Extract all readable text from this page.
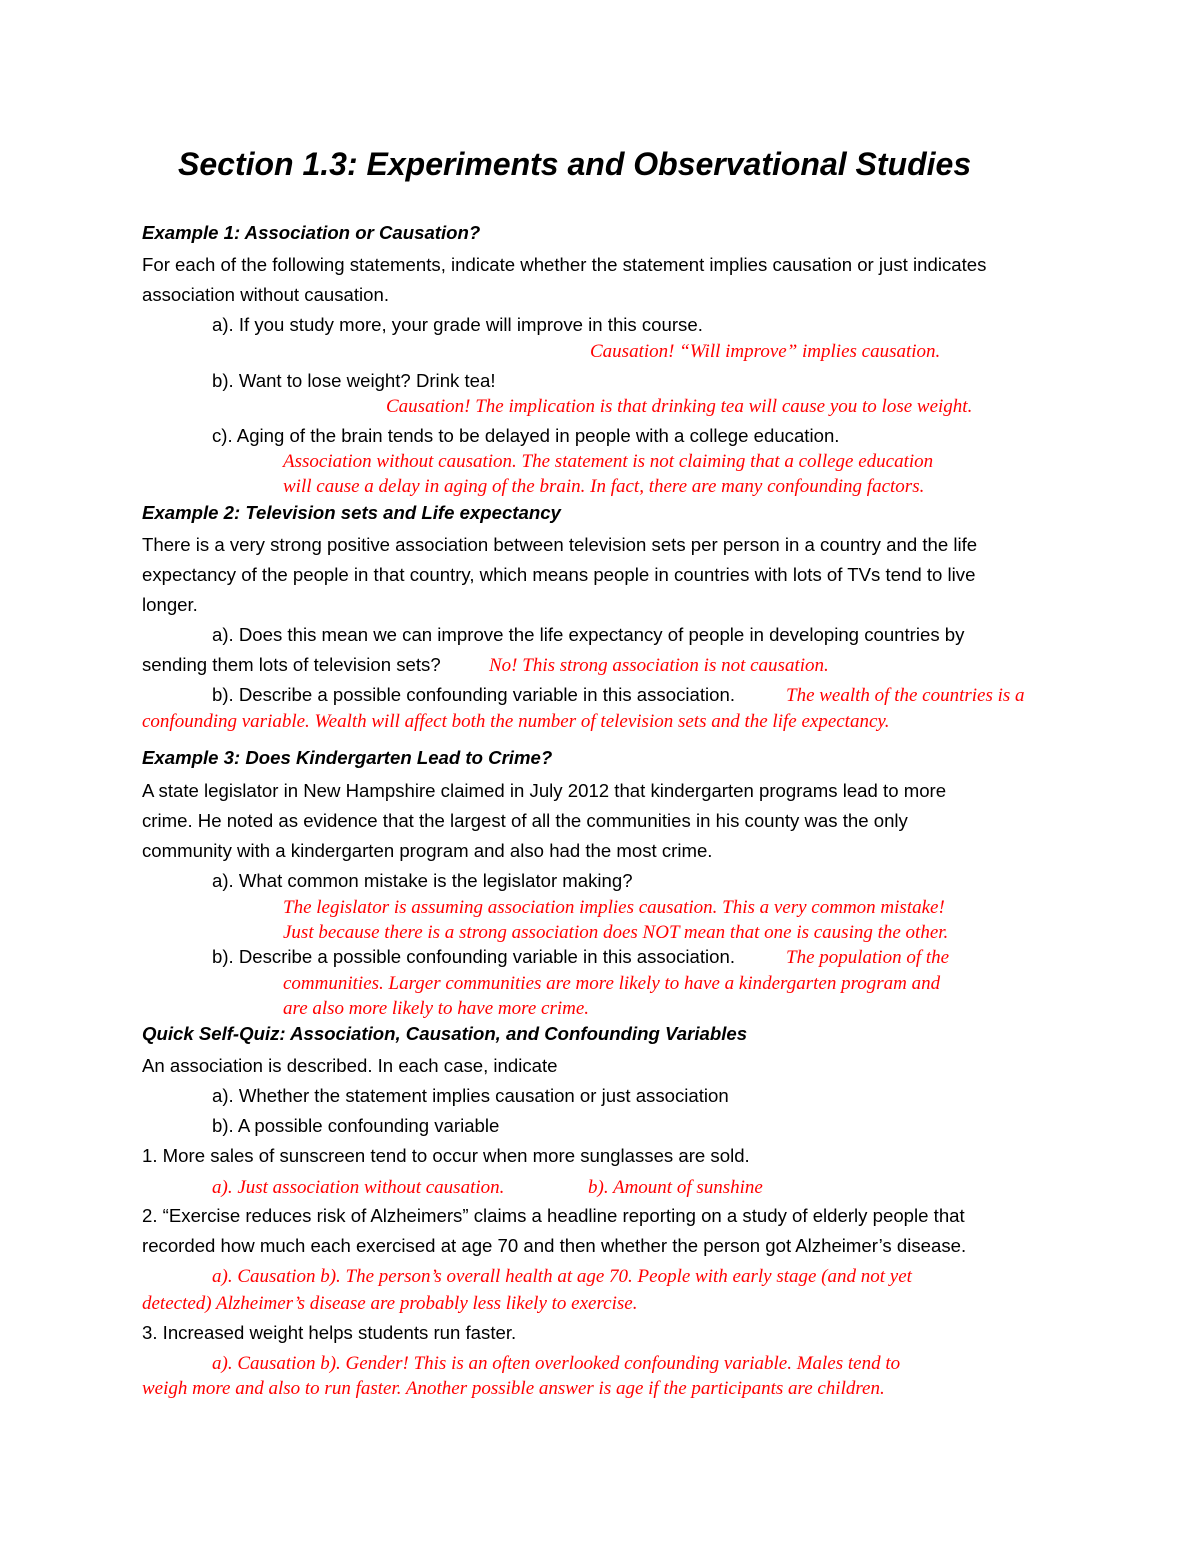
Section 1.3: Experiments and Observational Studies
Example 1: Association or Causation?
For each of the following statements, indicate whether the statement implies causation or just indicates
association without causation.
a). If you study more, your grade will improve in this course.
Causation! “Will improve” implies causation.
b). Want to lose weight? Drink tea!
Causation! The implication is that drinking tea will cause you to lose weight.
c). Aging of the brain tends to be delayed in people with a college education.
Association without causation. The statement is not claiming that a college education
will cause a delay in aging of the brain. In fact, there are many confounding factors.
Example 2: Television sets and Life expectancy
There is a very strong positive association between television sets per person in a country and the life
expectancy of the people in that country, which means people in countries with lots of TVs tend to live
longer.
a). Does this mean we can improve the life expectancy of people in developing countries by
sending them lots of television sets?	No! This strong association is not causation.
b). Describe a possible confounding variable in this association.	The wealth of the countries is a
confounding variable. Wealth will affect both the number of television sets and the life expectancy.
Example 3: Does Kindergarten Lead to Crime?
A state legislator in New Hampshire claimed in July 2012 that kindergarten programs lead to more
crime. He noted as evidence that the largest of all the communities in his county was the only
community with a kindergarten program and also had the most crime.
a). What common mistake is the legislator making?
The legislator is assuming association implies causation. This a very common mistake!
Just because there is a strong association does NOT mean that one is causing the other.
b). Describe a possible confounding variable in this association.	The population of the
communities. Larger communities are more likely to have a kindergarten program and
are also more likely to have more crime.
Quick Self-Quiz: Association, Causation, and Confounding Variables
An association is described. In each case, indicate
a). Whether the statement implies causation or just association
b). A possible confounding variable
1. More sales of sunscreen tend to occur when more sunglasses are sold.
a). Just association without causation.	b). Amount of sunshine
2. “Exercise reduces risk of Alzheimers” claims a headline reporting on a study of elderly people that
recorded how much each exercised at age 70 and then whether the person got Alzheimer’s disease.
a). Causation b). The person’s overall health at age 70. People with early stage (and not yet
detected) Alzheimer’s disease are probably less likely to exercise.
3. Increased weight helps students run faster.
a). Causation b). Gender! This is an often overlooked confounding variable. Males tend to
weigh more and also to run faster. Another possible answer is age if the participants are children.
